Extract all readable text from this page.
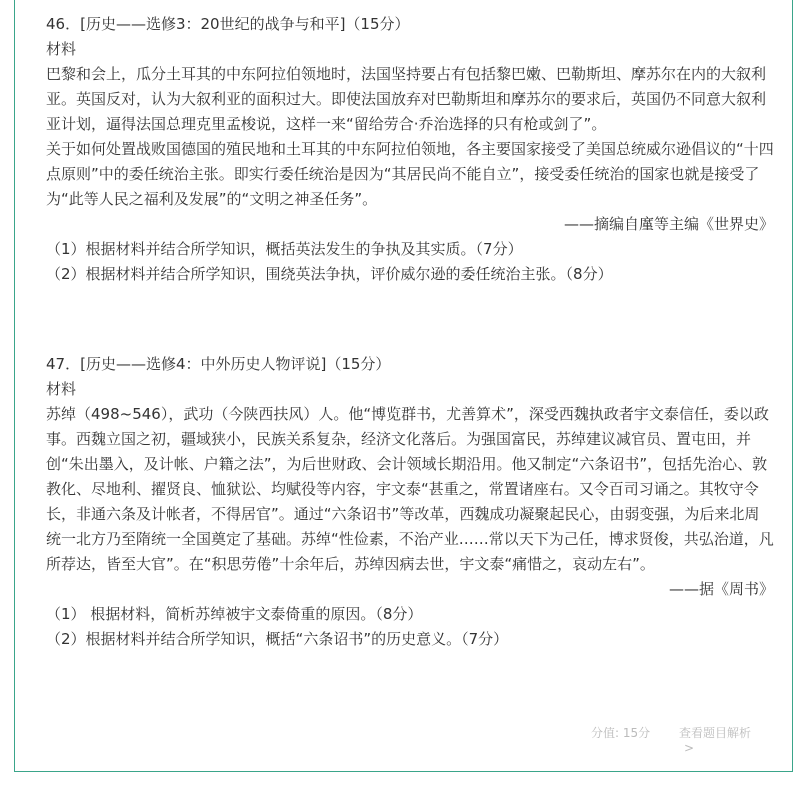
46．[历史——选修3：20世纪的战争与和平]（15分）

材料

巴黎和会上，瓜分土耳其的中东阿拉伯领地时，法国坚持要占有包括黎巴嫩、巴勒斯坦、摩苏尔在内的大叙利亚。英国反对，认为大叙利亚的面积过大。即使法国放弃对巴勒斯坦和摩苏尔的要求后，英国仍不同意大叙利亚计划，逼得法国总理克里孟梭说，这样一来“留给劳合·乔治选择的只有枪或剑了”。

关于如何处置战败国德国的殖民地和土耳其的中东阿拉伯领地，各主要国家接受了美国总统威尔逊倡议的“十四点原则”中的委任统治主张。即实行委任统治是因为“其居民尚不能自立”，接受委任统治的国家也就是接受了为“此等人民之福利及发展”的“文明之神圣任务”。

——摘编自廑等主编《世界史》

（1）根据材料并结合所学知识，概括英法发生的争执及其实质。（7分）

（2）根据材料并结合所学知识，围绕英法争执，评价威尔逊的委任统治主张。（8分）

47．[历史——选修4：中外历史人物评说]（15分）

材料

苏绰（498~546），武功（今陕西扶风）人。他“博览群书，尤善算术”，深受西魏执政者宇文泰信任，委以政事。西魏立国之初，疆域狭小，民族关系复杂，经济文化落后。为强国富民，苏绰建议减官员、置屯田，并创“朱出墨入，及计帐、户籍之法”，为后世财政、会计领域长期沿用。他又制定“六条诏书”，包括先治心、敦教化、尽地利、擢贤良、恤狱讼、均赋役等内容，宇文泰“甚重之，常置诸座右。又令百司习诵之。其牧守令长，非通六条及计帐者，不得居官”。通过“六条诏书”等改革，西魏成功凝聚起民心，由弱变强，为后来北周统一北方乃至隋统一全国奠定了基础。苏绰“性俭素，不治产业……常以天下为己任，博求贤俊，共弘治道，凡所荐达，皆至大官”。在“积思劳倦”十余年后，苏绰因病去世，宇文泰“痛惜之，哀动左右”。

——据《周书》

（1） 根据材料，简析苏绰被宇文泰倚重的原因。（8分）

（2）根据材料并结合所学知识，概括“六条诏书”的历史意义。（7分）

分值: 15分 查看题目解析>
